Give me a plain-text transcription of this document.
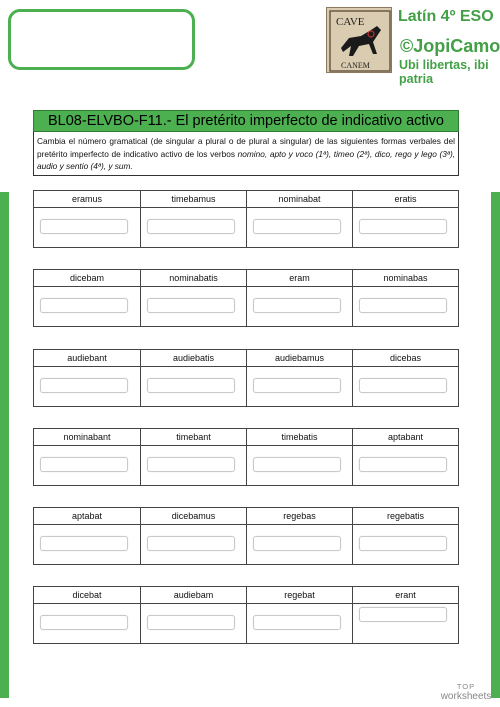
CAVE
CANEM
Latín 4º ESO
©JopiCamo
Ubi libertas, ibi patria
BL08-ELVBO-F11.- El pretérito imperfecto de indicativo activo
Cambia el número gramatical (de singular a plural o de plural a singular) de las siguientes formas verbales del pretérito imperfecto de indicativo activo de los verbos nomino, apto y voco (1ª), timeo (2ª), dico, rego y lego (3ª), audio y sentio (4ª), y sum.
eramus	timebamus	nominabat	eratis
dicebam	nominabatis	eram	nominabas
audiebant	audiebatis	audiebamus	dicebas
nominabant	timebant	timebatis	aptabant
aptabat	dicebamus	regebas	regebatis
dicebat	audiebam	regebat	erant
TOP
worksheets
